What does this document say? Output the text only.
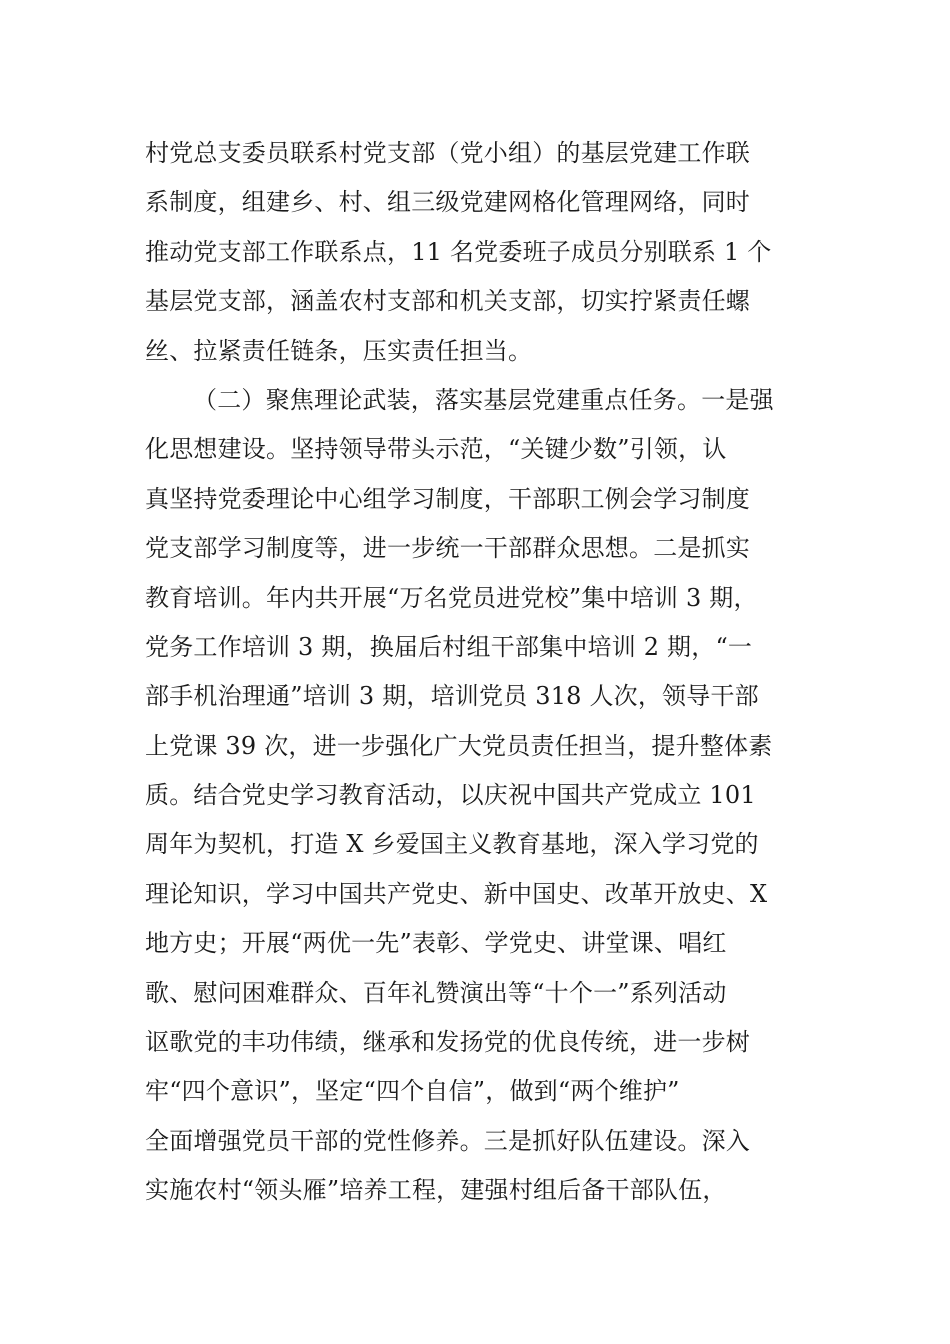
村党总支委员联系村党支部（党小组）的基层党建工作联
系制度，组建乡、村、组三级党建网格化管理网络，同时
推动党支部工作联系点，11 名党委班子成员分别联系 1 个
基层党支部，涵盖农村支部和机关支部，切实拧紧责任螺
丝、拉紧责任链条，压实责任担当。
（二）聚焦理论武装，落实基层党建重点任务。一是强
化思想建设。坚持领导带头示范，“关键少数”引领，认
真坚持党委理论中心组学习制度，干部职工例会学习制度
党支部学习制度等，进一步统一干部群众思想。二是抓实
教育培训。年内共开展“万名党员进党校”集中培训 3 期，
党务工作培训 3 期，换届后村组干部集中培训 2 期，“一
部手机治理通”培训 3 期，培训党员 318 人次，领导干部
上党课 39 次，进一步强化广大党员责任担当，提升整体素
质。结合党史学习教育活动，以庆祝中国共产党成立 101
周年为契机，打造 X 乡爱国主义教育基地，深入学习党的
理论知识，学习中国共产党史、新中国史、改革开放史、X
地方史；开展“两优一先”表彰、学党史、讲堂课、唱红
歌、慰问困难群众、百年礼赞演出等“十个一”系列活动
讴歌党的丰功伟绩，继承和发扬党的优良传统，进一步树
牢“四个意识”，坚定“四个自信”，做到“两个维护”
全面增强党员干部的党性修养。三是抓好队伍建设。深入
实施农村“领头雁”培养工程，建强村组后备干部队伍，
